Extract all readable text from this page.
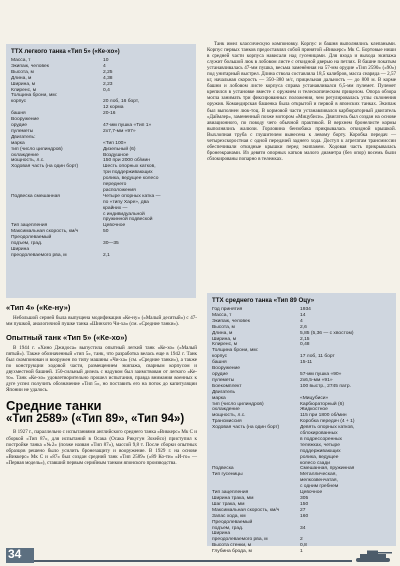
ТТХ легкого танка «Тип 5» («Ке-хо»)
Масса, т	10
Экипаж, человек	4
Высота, м	2,25
Длина, м	4,38
Ширина, м	2,23
Клиренс, м	0,4
Толщина брони, мм:
корпус	20 лоб, 16 борт,
12 корма
башня	20-16
Вооружение
орудие	47-мм пушка «Тип 1»
пулеметы	2х7,7-мм «97»
Двигатель:
марка	«Тип 100»
тип (число цилиндров)	Дизельный (6)
охлаждение	Воздушное
мощность, л.с.	150 при 2000 об/мин
Ходовая часть (на один борт)	Шесть опорных катков,
три поддерживающих
ролика, ведущее колесо
переднего
расположения
Подвеска смешанная	Четыре опорных катка —
по «типу Харе», два
крайних —
с индивидуальной
пружинной подвеской
Тип зацепления	Цевочное
Максимальная скорость, км/ч	50
Преодолеваемый
подъем, град.	30—35
Ширина
преодолеваемого рва, м	2,1
«Тип 4» («Ке-ну»)

Небольшой серией была выпущена модификация «Ке-ну» («Малый десятый») с 47-мм пушкой, аналогичной пушке танка «Шинхото Чи-ха» (см. «Средние танки»).

Опытный танк «Тип 5» («Ке-хо»)

В 1944 г. «Хино Джидоса» выпустила опытный легкий танк «Ке-хо» («Малый пятый»). Также обозначенный «тип 5», танк, что разработка велась еще в 1942 г. Танк был скомпонован и вооружен по типу машины «Чи-ха» (см. «Средние танки»), а также по конструкции ходовой части, размещением экипажа, сварным корпусом и двухместной башней. 150-сильный дизель с надувом был заимствован от легкого «Ке-то». Танк «Ке-хо» удовлетворительно прошел испытания, правда внимания военных к дуге успел получить обозначение «Тип 5», но поставить его на поток до капитуляции Японии не удалось.

Средние танки
«Тип 2589» («Тип 89», «Тип 94»)

В 1927 г., параллельно с испытаниями английского среднего танка «Виккерс» Мк С и сборкой «Тип 87», для испытаний в Осака (Осака Рикугун Зохейсо) приступил к постройке танка «№2» (позже назван «Тип 87»), массой 9,8 т. После сборки опытных образцов решено было усилить бронезащиту и вооружение. В 1929 г. на основе «Виккерс» Мк С и «87» был создан средний танк «Тип 2589» («89 Ко-ти» «И-го» — «Первая модель»), ставший первым серийным танком японского производства.

Танк имел классическую компоновку. Корпус и башня выполнялись клепаными. Корпус первых танков предоставлял собой принятой «Виккерс» Мк С. Бортовые ниши в средней части корпуса нависали над гусеницами. Для входа и выхода экипажа служит большой люк в лобовом листе с откидной дверью на петлях. В башне покатым устанавливалась 47-мм пушка, весьма заменённая на 57-мм орудие «Тип 2590» («90») под унитарный выстрел. Длина ствола составляла 18,5 калибров, масса снаряда — 2,57 кг, начальная скорость — 350–380 м/с, прицельная дальность — до 800 м. В корме башни и лобовом листе корпуса справа устанавливался 6,5-мм пулемет. Пулемет крепился в установке вместе с оружием и телескопическим прицелом. Опора обзора могла занимать три фиксированных положения, чем регулировалась углы склонения оружия. Командирская башенка была открытой и первой в японских танках. Экипаж был выполнен люк-тоц. В кормовой части устанавливался карбюраторный двигатель «Даймлер», замененный позже мотором «Мицубиси». Двигатель был создан на основе авиационного, по поводу чего обычной практикой. В верхнем бронелисте кормы выполнялись жалюзи. Горловина бензобака прикрывалась откидной крышкой. Выхлопная труба с глушителем вынесена к левому борту. Коробка передач — четырехскоростная с одной передачей заднего хода. Доступ к агрегатам трансмиссии обеспечивали откидные крышки перед экипажем. Ходовая часть прикрывалась бронеэкранами. Из девяти опорных катков малого диаметра (без опор) восемь были сблокированы попарно в тележках.

ТТХ среднего танка «Тип 89 Оцу»
Год принятия	1934
Масса, т	14
Экипаж, человек	4
Высота, м	2,6
Длина, м	5,85 (5,36 — с хвостом)
Ширина, м	2,15
Клиренс, м	0,48
Толщина брони, мм:
корпус	17 лоб, 11 борт
башня	15-11
Вооружение
орудие	57-мм пушка «90»
пулеметы	2х6,5-мм «91»
Боекомплект	100 выстр., 2745 патр.
Двигатель
марка	«Мицубиси»
тип (число цилиндров)	Карбюраторный (6)
охлаждение	Жидкостное
мощность, л.с.	115 при 1800 об/мин
Трансмиссия	Коробка передач (4 + 1)
Ходовая часть (на один борт)	Девять опорных катков,
сблокированных
в подрессоренных
тележках, четыре
поддерживающих
ролика, ведущее
колесо сзади
Подвеска	Смешанная, пружинная
Тип гусеницы	Металлическая,
мелкозвенчатая,
с одним гребнем
Тип зацепления	Цевочное
Ширина трака, мм	305
Шаг трака, мм	150
Максимальная скорость, км/ч	27
Запас хода, км	160
Преодолеваемый
подъем, град.	34
Ширина
преодолеваемого рва, м	2
Высота стенки, м	0,8
Глубина брода, м	1
34
